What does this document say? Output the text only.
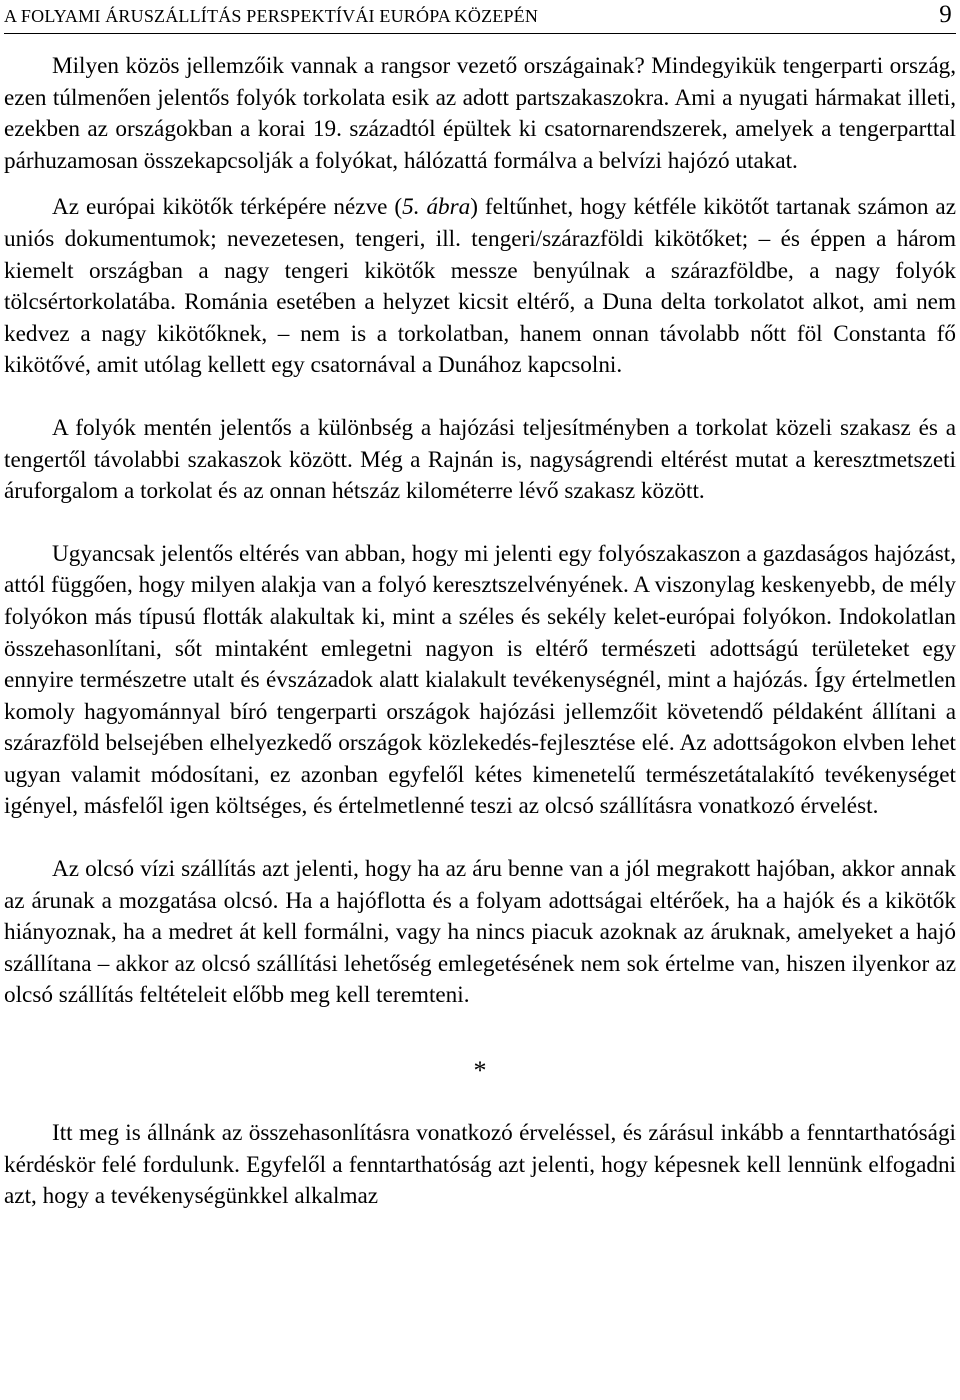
A FOLYAMI ÁRUSZÁLLÍTÁS PERSPEKTÍVÁI EURÓPA KÖZEPÉN	9

Milyen közös jellemzőik vannak a rangsor vezető országainak? Mindegyikük tengerparti ország, ezen túlmenően jelentős folyók torkolata esik az adott partszakaszokra. Ami a nyugati hármakat illeti, ezekben az országokban a korai 19. századtól épültek ki csatornarendszerek, amelyek a tengerparttal párhuzamosan összekapcsolják a folyókat, hálózattá formálva a belvízi hajózó utakat.

Az európai kikötők térképére nézve (5. ábra) feltűnhet, hogy kétféle kikötőt tartanak számon az uniós dokumentumok; nevezetesen, tengeri, ill. tengeri/szárazföldi kikötőket; – és éppen a három kiemelt országban a nagy tengeri kikötők messze benyúlnak a szárazföldbe, a nagy folyók tölcsértorkolatába. Románia esetében a helyzet kicsit eltérő, a Duna delta torkolatot alkot, ami nem kedvez a nagy kikötőknek, – nem is a torkolatban, hanem onnan távolabb nőtt föl Constanta fő kikötővé, amit utólag kellett egy csatornával a Dunához kapcsolni.

A folyók mentén jelentős a különbség a hajózási teljesítményben a torkolat közeli szakasz és a tengertől távolabbi szakaszok között. Még a Rajnán is, nagyságrendi eltérést mutat a keresztmetszeti áruforgalom a torkolat és az onnan hétszáz kilométerre lévő szakasz között.

Ugyancsak jelentős eltérés van abban, hogy mi jelenti egy folyószakaszon a gazdaságos hajózást, attól függően, hogy milyen alakja van a folyó keresztszelvényének. A viszonylag keskenyebb, de mély folyókon más típusú flották alakultak ki, mint a széles és sekély kelet-európai folyókon. Indokolatlan összehasonlítani, sőt mintaként emlegetni nagyon is eltérő természeti adottságú területeket egy ennyire természetre utalt és évszázadok alatt kialakult tevékenységnél, mint a hajózás. Így értelmetlen komoly hagyománnyal bíró tengerparti országok hajózási jellemzőit követendő példaként állítani a szárazföld belsejében elhelyezkedő országok közlekedés-fejlesztése elé. Az adottságokon elvben lehet ugyan valamit módosítani, ez azonban egyfelől kétes kimenetelű természetátalakító tevékenységet igényel, másfelől igen költséges, és értelmetlenné teszi az olcsó szállításra vonatkozó érvelést.

Az olcsó vízi szállítás azt jelenti, hogy ha az áru benne van a jól megrakott hajóban, akkor annak az árunak a mozgatása olcsó. Ha a hajóflotta és a folyam adottságai eltérőek, ha a hajók és a kikötők hiányoznak, ha a medret át kell formálni, vagy ha nincs piacuk azoknak az áruknak, amelyeket a hajó szállítana – akkor az olcsó szállítási lehetőség emlegetésének nem sok értelme van, hiszen ilyenkor az olcsó szállítás feltételeit előbb meg kell teremteni.

*

Itt meg is állnánk az összehasonlításra vonatkozó érveléssel, és zárásul inkább a fenntarthatósági kérdéskör felé fordulunk. Egyfelől a fenntarthatóság azt jelenti, hogy képesnek kell lennünk elfogadni azt, hogy a tevékenységünkkel alkalmaz
